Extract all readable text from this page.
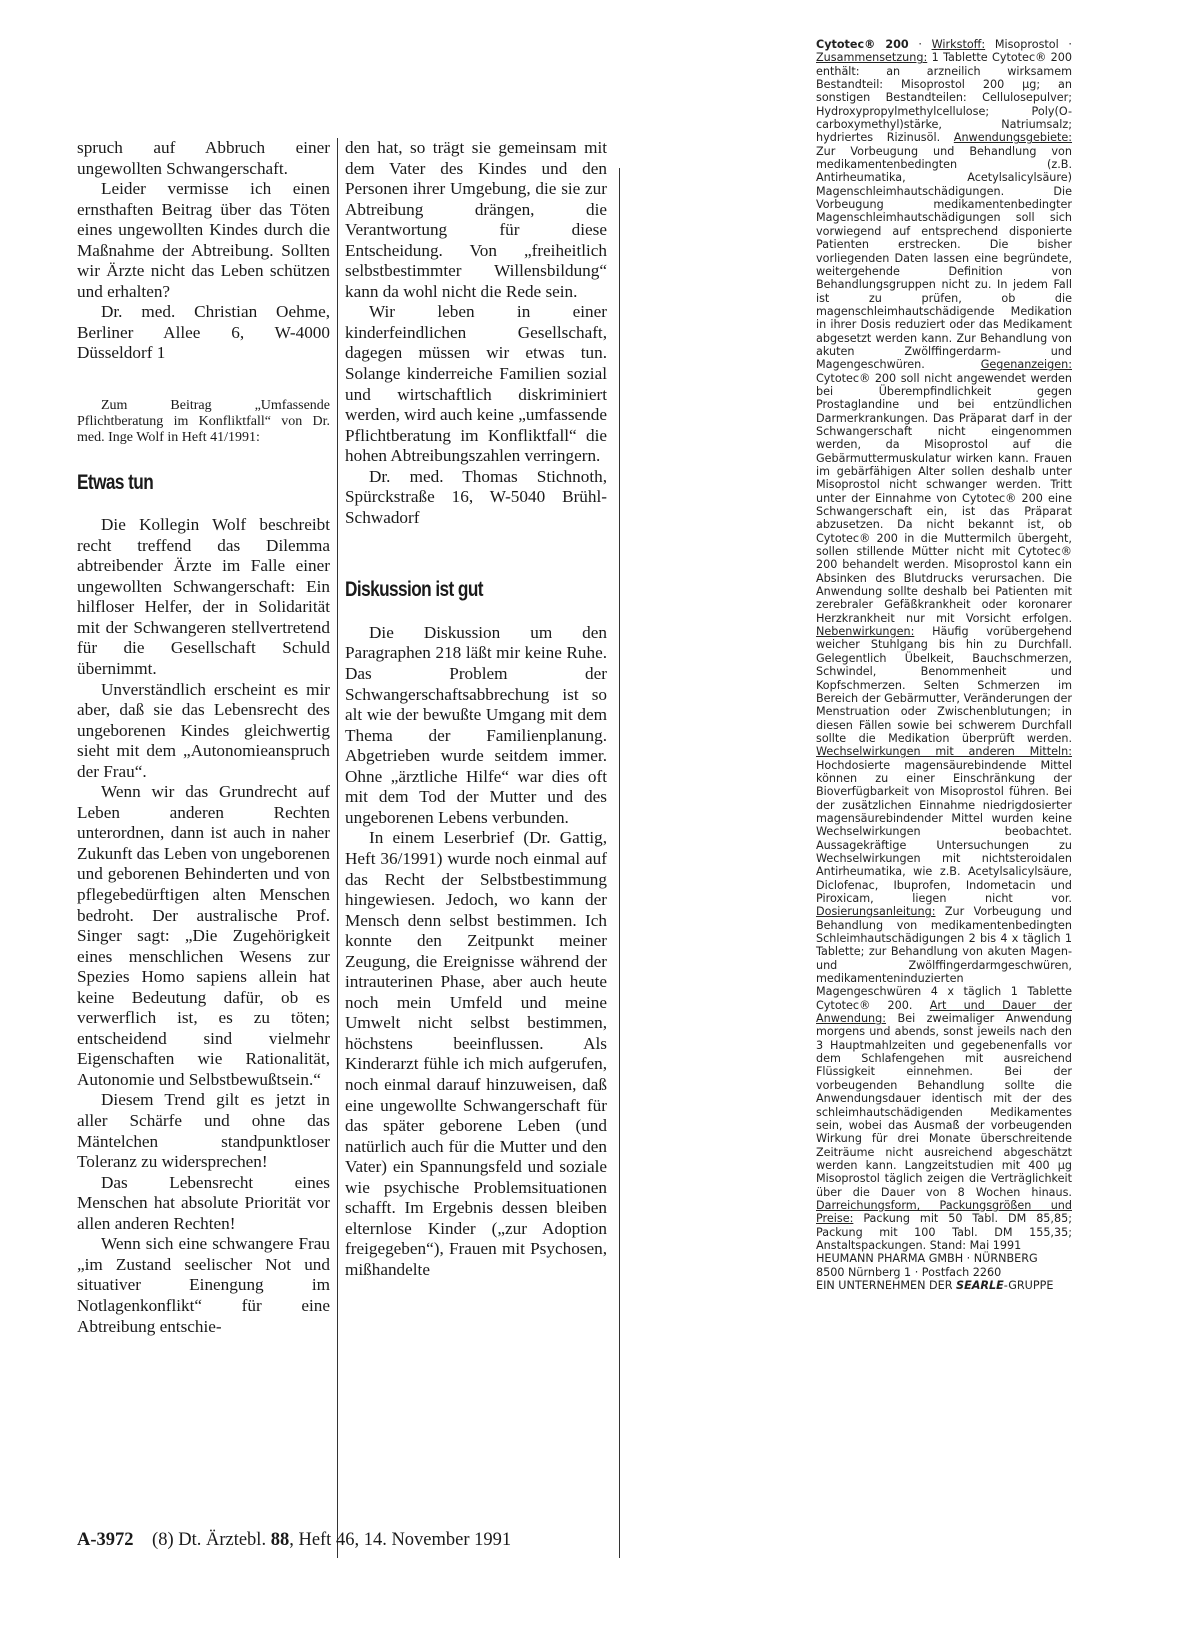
spruch auf Abbruch einer ungewollten Schwangerschaft.

Leider vermisse ich einen ernsthaften Beitrag über das Töten eines ungewollten Kindes durch die Maßnahme der Abtreibung. Sollten wir Ärzte nicht das Leben schützen und erhalten?

Dr. med. Christian Oehme, Berliner Allee 6, W-4000 Düsseldorf 1

Zum Beitrag „Umfassende Pflichtberatung im Konfliktfall“ von Dr. med. Inge Wolf in Heft 41/1991:

Etwas tun

Die Kollegin Wolf beschreibt recht treffend das Dilemma abtreibender Ärzte im Falle einer ungewollten Schwangerschaft: Ein hilfloser Helfer, der in Solidarität mit der Schwangeren stellvertretend für die Gesellschaft Schuld übernimmt.

Unverständlich erscheint es mir aber, daß sie das Lebensrecht des ungeborenen Kindes gleichwertig sieht mit dem „Autonomieanspruch der Frau“.

Wenn wir das Grundrecht auf Leben anderen Rechten unterordnen, dann ist auch in naher Zukunft das Leben von ungeborenen und geborenen Behinderten und von pflegebedürftigen alten Menschen bedroht. Der australische Prof. Singer sagt: „Die Zugehörigkeit eines menschlichen Wesens zur Spezies Homo sapiens allein hat keine Bedeutung dafür, ob es verwerflich ist, es zu töten; entscheidend sind vielmehr Eigenschaften wie Rationalität, Autonomie und Selbstbewußtsein.“

Diesem Trend gilt es jetzt in aller Schärfe und ohne das Mäntelchen standpunktloser Toleranz zu widersprechen!

Das Lebensrecht eines Menschen hat absolute Priorität vor allen anderen Rechten!

Wenn sich eine schwangere Frau „im Zustand seelischer Not und situativer Einengung im Notlagenkonflikt“ für eine Abtreibung entschie-

den hat, so trägt sie gemeinsam mit dem Vater des Kindes und den Personen ihrer Umgebung, die sie zur Abtreibung drängen, die Verantwortung für diese Entscheidung. Von „freiheitlich selbstbestimmter Willensbildung“ kann da wohl nicht die Rede sein.

Wir leben in einer kinderfeindlichen Gesellschaft, dagegen müssen wir etwas tun. Solange kinderreiche Familien sozial und wirtschaftlich diskriminiert werden, wird auch keine „umfassende Pflichtberatung im Konfliktfall“ die hohen Abtreibungszahlen verringern.

Dr. med. Thomas Stichnoth, Spürckstraße 16, W-5040 Brühl-Schwadorf

Diskussion ist gut

Die Diskussion um den Paragraphen 218 läßt mir keine Ruhe. Das Problem der Schwangerschaftsabbrechung ist so alt wie der bewußte Umgang mit dem Thema der Familienplanung. Abgetrieben wurde seitdem immer. Ohne „ärztliche Hilfe“ war dies oft mit dem Tod der Mutter und des ungeborenen Lebens verbunden.

In einem Leserbrief (Dr. Gattig, Heft 36/1991) wurde noch einmal auf das Recht der Selbstbestimmung hingewiesen. Jedoch, wo kann der Mensch denn selbst bestimmen. Ich konnte den Zeitpunkt meiner Zeugung, die Ereignisse während der intrauterinen Phase, aber auch heute noch mein Umfeld und meine Umwelt nicht selbst bestimmen, höchstens beeinflussen. Als Kinderarzt fühle ich mich aufgerufen, noch einmal darauf hinzuweisen, daß eine ungewollte Schwangerschaft für das später geborene Leben (und natürlich auch für die Mutter und den Vater) ein Spannungsfeld und soziale wie psychische Problemsituationen schafft. Im Ergebnis dessen bleiben elternlose Kinder („zur Adoption freigegeben“), Frauen mit Psychosen, mißhandelte

Cytotec® 200 · Wirkstoff: Misoprostol · Zusammensetzung: 1 Tablette Cytotec® 200 enthält: an arzneilich wirksamem Bestandteil: Misoprostol 200 µg; an sonstigen Bestandteilen: Cellulosepulver; Hydroxypropylmethylcellulose; Poly(O-carboxymethyl)stärke, Natriumsalz; hydriertes Rizinusöl. Anwendungsgebiete: Zur Vorbeugung und Behandlung von medikamentenbedingten (z.B. Antirheumatika, Acetylsalicylsäure) Magenschleimhautschädigungen. Die Vorbeugung medikamentenbedingter Magenschleimhautschädigungen soll sich vorwiegend auf entsprechend disponierte Patienten erstrecken. Die bisher vorliegenden Daten lassen eine begründete, weitergehende Definition von Behandlungsgruppen nicht zu. In jedem Fall ist zu prüfen, ob die magenschleimhautschädigende Medikation in ihrer Dosis reduziert oder das Medikament abgesetzt werden kann. Zur Behandlung von akuten Zwölffingerdarm- und Magengeschwüren. Gegenanzeigen: Cytotec® 200 soll nicht angewendet werden bei Überempfindlichkeit gegen Prostaglandine und bei entzündlichen Darmerkrankungen. Das Präparat darf in der Schwangerschaft nicht eingenommen werden, da Misoprostol auf die Gebärmuttermuskulatur wirken kann. Frauen im gebärfähigen Alter sollen deshalb unter Misoprostol nicht schwanger werden. Tritt unter der Einnahme von Cytotec® 200 eine Schwangerschaft ein, ist das Präparat abzusetzen. Da nicht bekannt ist, ob Cytotec® 200 in die Muttermilch übergeht, sollen stillende Mütter nicht mit Cytotec® 200 behandelt werden. Misoprostol kann ein Absinken des Blutdrucks verursachen. Die Anwendung sollte deshalb bei Patienten mit zerebraler Gefäßkrankheit oder koronarer Herzkrankheit nur mit Vorsicht erfolgen. Nebenwirkungen: Häufig vorübergehend weicher Stuhlgang bis hin zu Durchfall. Gelegentlich Übelkeit, Bauchschmerzen, Schwindel, Benommenheit und Kopfschmerzen. Selten Schmerzen im Bereich der Gebärmutter, Veränderungen der Menstruation oder Zwischenblutungen; in diesen Fällen sowie bei schwerem Durchfall sollte die Medikation überprüft werden. Wechselwirkungen mit anderen Mitteln: Hochdosierte magensäurebindende Mittel können zu einer Einschränkung der Bioverfügbarkeit von Misoprostol führen. Bei der zusätzlichen Einnahme niedrigdosierter magensäurebindender Mittel wurden keine Wechselwirkungen beobachtet. Aussagekräftige Untersuchungen zu Wechselwirkungen mit nichtsteroidalen Antirheumatika, wie z.B. Acetylsalicylsäure, Diclofenac, Ibuprofen, Indometacin und Piroxicam, liegen nicht vor. Dosierungsanleitung: Zur Vorbeugung und Behandlung von medikamentenbedingten Schleimhautschädigungen 2 bis 4 x täglich 1 Tablette; zur Behandlung von akuten Magen- und Zwölffingerdarmgeschwüren, medikamenteninduzierten Magengeschwüren 4 x täglich 1 Tablette Cytotec® 200. Art und Dauer der Anwendung: Bei zweimaliger Anwendung morgens und abends, sonst jeweils nach den 3 Hauptmahlzeiten und gegebenenfalls vor dem Schlafengehen mit ausreichend Flüssigkeit einnehmen. Bei der vorbeugenden Behandlung sollte die Anwendungsdauer identisch mit der des schleimhautschädigenden Medikamentes sein, wobei das Ausmaß der vorbeugenden Wirkung für drei Monate überschreitende Zeiträume nicht ausreichend abgeschätzt werden kann. Langzeitstudien mit 400 µg Misoprostol täglich zeigen die Verträglichkeit über die Dauer von 8 Wochen hinaus. Darreichungsform, Packungsgrößen und Preise: Packung mit 50 Tabl. DM 85,85; Packung mit 100 Tabl. DM 155,35; Anstaltspackungen. Stand: Mai 1991
HEUMANN PHARMA GMBH · NÜRNBERG
8500 Nürnberg 1 · Postfach 2260
EIN UNTERNEHMEN DER SEARLE-GRUPPE
A-3972 (8) Dt. Ärztebl. 88, Heft 46, 14. November 1991
